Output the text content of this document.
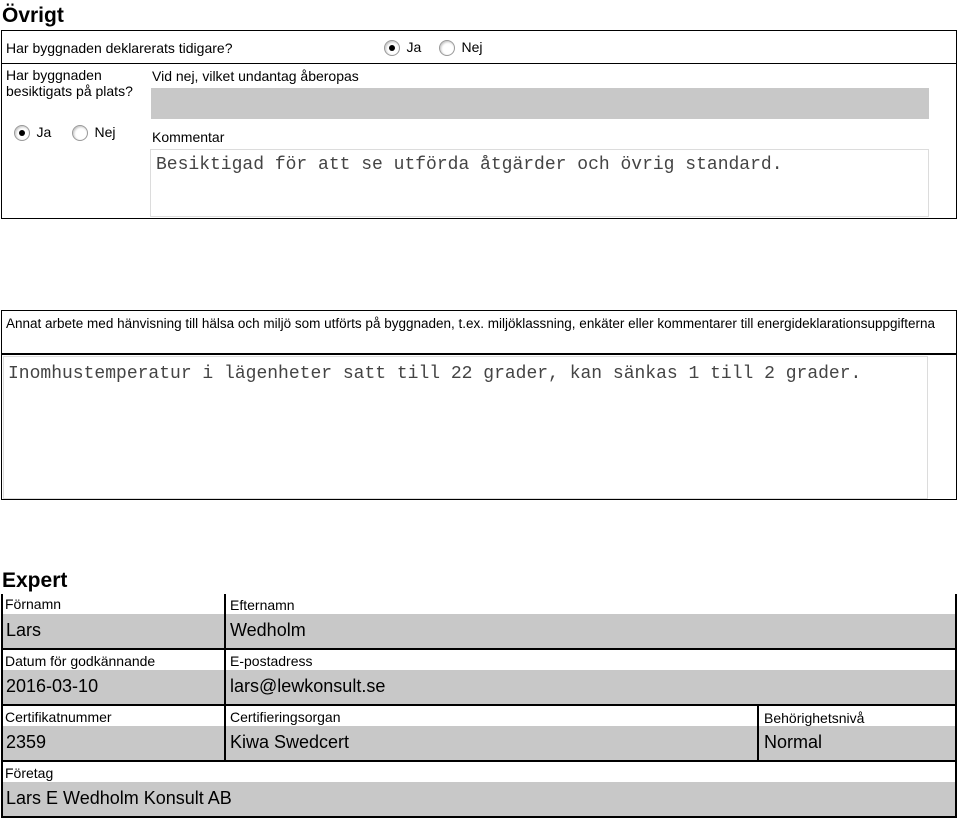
Övrigt
Har byggnaden deklarerats tidigare?	Ja	Nej
Har byggnaden besiktigats på plats?
Ja	Nej
Vid nej, vilket undantag åberopas
Kommentar
Besiktigad för att se utförda åtgärder och övrig standard.
Annat arbete med hänvisning till hälsa och miljö som utförts på byggnaden, t.ex. miljöklassning, enkäter eller kommentarer till energideklarationsuppgifterna
Inomhustemperatur i lägenheter satt till 22 grader, kan sänkas 1 till 2 grader.
Expert
Förnamn	Efternamn
Lars	Wedholm
Datum för godkännande	E-postadress
2016-03-10	lars@lewkonsult.se
Certifikatnummer	Certifieringsorgan	Behörighetsnivå
2359	Kiwa Swedcert	Normal
Företag
Lars E Wedholm Konsult AB
